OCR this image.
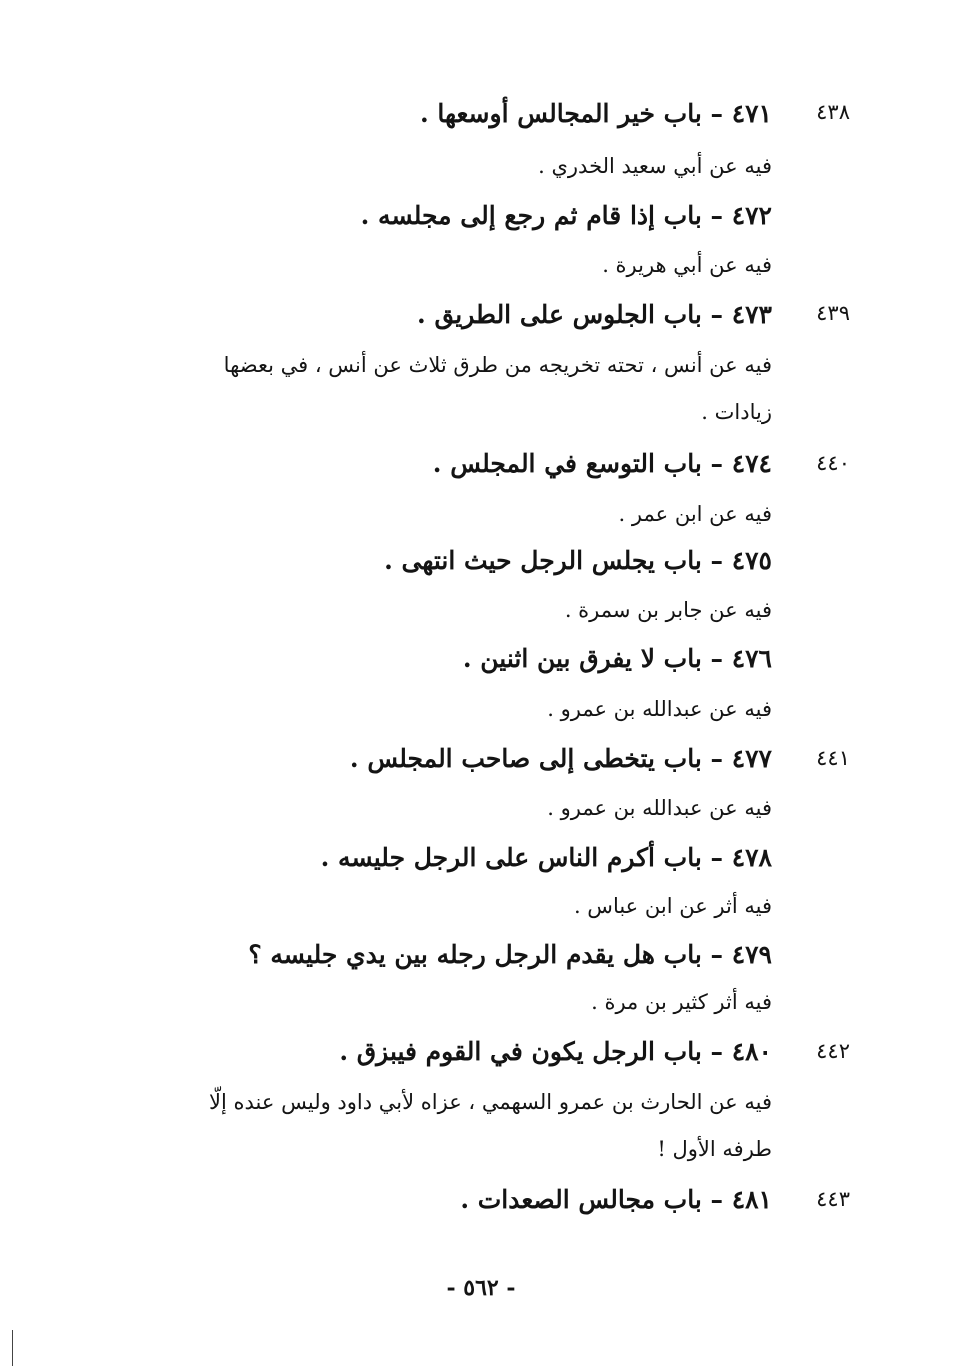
٤٣٨
٤٧١ – باب خير المجالس أوسعها .
فيه عن أبي سعيد الخدري .
٤٧٢ – باب إذا قام ثم رجع إلى مجلسه .
فيه عن أبي هريرة .
٤٣٩
٤٧٣ – باب الجلوس على الطريق .
فيه عن أنس ، تحته تخريجه من طرق ثلاث عن أنس ، في بعضها
زيادات .
٤٤٠
٤٧٤ – باب التوسع في المجلس .
فيه عن ابن عمر .
٤٧٥ – باب يجلس الرجل حيث انتهى .
فيه عن جابر بن سمرة .
٤٧٦ – باب لا يفرق بين اثنين .
فيه عن عبدالله بن عمرو .
٤٤١
٤٧٧ – باب يتخطى إلى صاحب المجلس .
فيه عن عبدالله بن عمرو .
٤٧٨ – باب أكرم الناس على الرجل جليسه .
فيه أثر عن ابن عباس .
٤٧٩ – باب هل يقدم الرجل رجله بين يدي جليسه ؟
فيه أثر كثير بن مرة .
٤٤٢
٤٨٠ – باب الرجل يكون في القوم فيبزق .
فيه عن الحارث بن عمرو السهمي ، عزاه لأبي داود وليس عنده إلّا
طرفه الأول !
٤٤٣
٤٨١ – باب مجالس الصعدات .
- ٥٦٢ -
